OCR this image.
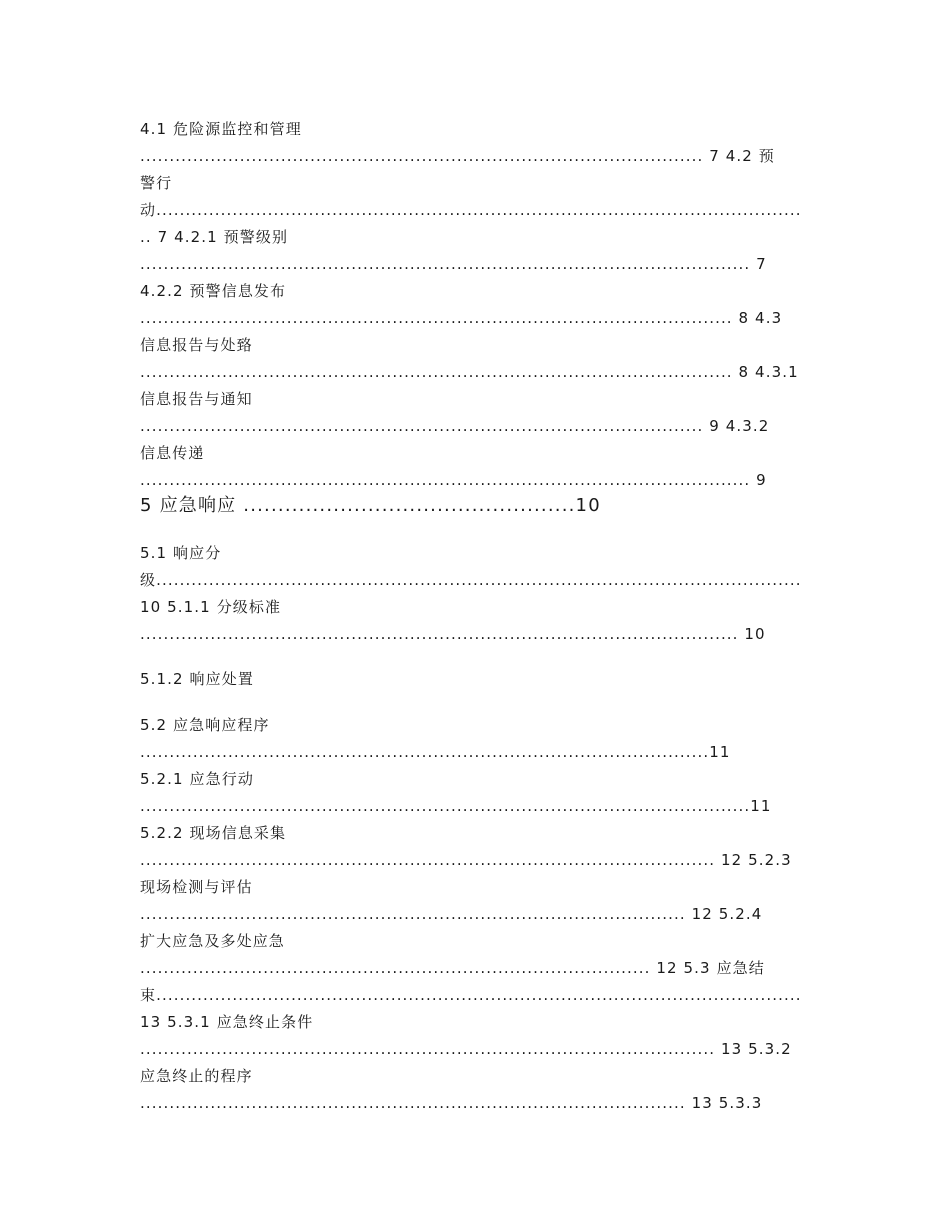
4.1 危险源监控和管理
................................................................................................ 7 4.2 预
警行
动..............................................................................................................
.. 7 4.2.1 预警级别
........................................................................................................ 7
4.2.2 预警信息发布
..................................................................................................... 8 4.3
信息报告与处臵
..................................................................................................... 8 4.3.1
信息报告与通知
................................................................................................ 9 4.3.2
信息传递
........................................................................................................ 9
5 应急响应 ................................................10
5.1 响应分
级..............................................................................................................
10 5.1.1 分级标准
...................................................................................................... 10
5.1.2 响应处置
5.2 应急响应程序
.................................................................................................11
5.2.1 应急行动
........................................................................................................11
5.2.2 现场信息采集
.................................................................................................. 12 5.2.3
现场检测与评估
............................................................................................. 12 5.2.4
扩大应急及多处应急
....................................................................................... 12 5.3 应急结
束..............................................................................................................
13 5.3.1 应急终止条件
.................................................................................................. 13 5.3.2
应急终止的程序
............................................................................................. 13 5.3.3
